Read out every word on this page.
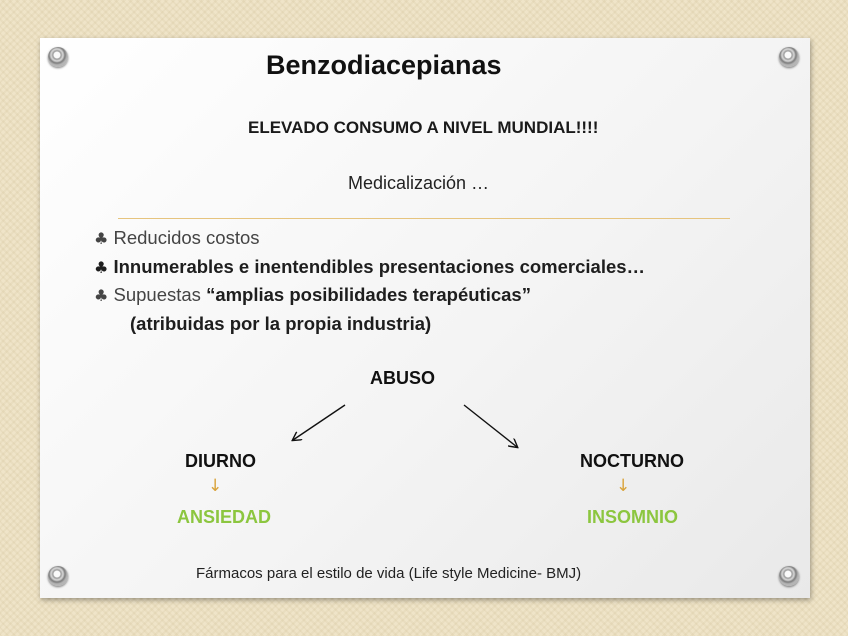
Benzodiacepianas
ELEVADO CONSUMO A NIVEL MUNDIAL!!!!
Medicalización …
♣ Reducidos costos
♣ Innumerables e inentendibles presentaciones comerciales…
♣ Supuestas “amplias posibilidades terapéuticas”
(atribuidas por la propia industria)
ABUSO
DIURNO	NOCTURNO
↓	↓
ANSIEDAD	INSOMNIO
Fármacos para el estilo de vida (Life style Medicine- BMJ)
